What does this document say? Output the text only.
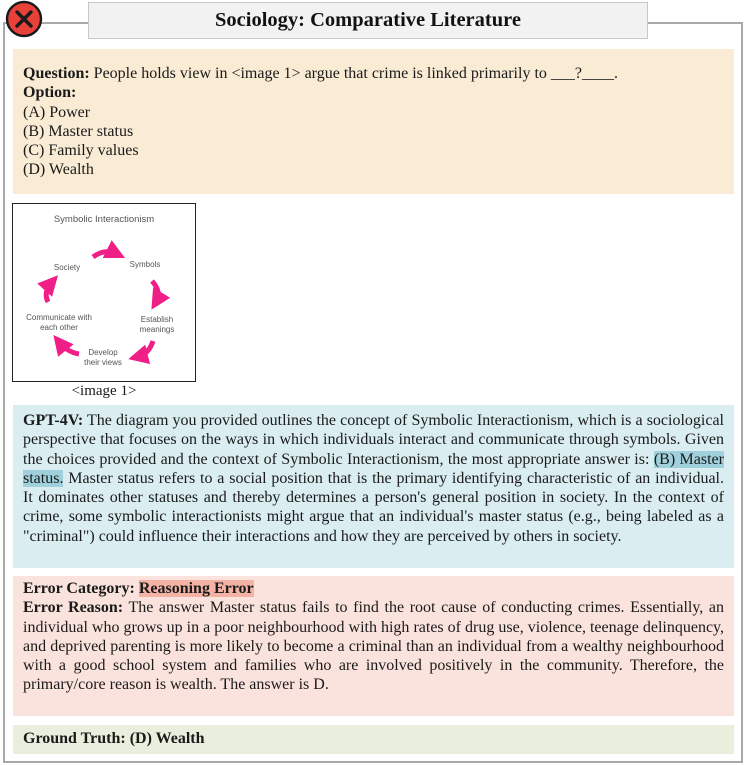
Sociology: Comparative Literature
Question: People holds view in <image 1> argue that crime is linked primarily to ___?____.
Option:
(A) Power
(B) Master status
(C) Family values
(D) Wealth
Symbolic Interactionism
Society	Symbols
Establish
meanings
Develop
their views
Communicate with
each other
<image 1>
GPT-4V: The diagram you provided outlines the concept of Symbolic Interactionism, which is a sociological perspective that focuses on the ways in which individuals interact and communicate through symbols. Given the choices provided and the context of Symbolic Interactionism, the most appropriate answer is: (B) Master status. Master status refers to a social position that is the primary identifying characteristic of an individual. It dominates other statuses and thereby determines a person's general position in society. In the context of crime, some symbolic interactionists might argue that an individual's master status (e.g., being labeled as a "criminal") could influence their interactions and how they are perceived by others in society.
Error Category: Reasoning Error
Error Reason: The answer Master status fails to find the root cause of conducting crimes. Essentially, an individual who grows up in a poor neighbourhood with high rates of drug use, violence, teenage delinquency, and deprived parenting is more likely to become a criminal than an individual from a wealthy neighbourhood with a good school system and families who are involved positively in the community. Therefore, the primary/core reason is wealth. The answer is D.
Ground Truth: (D) Wealth
